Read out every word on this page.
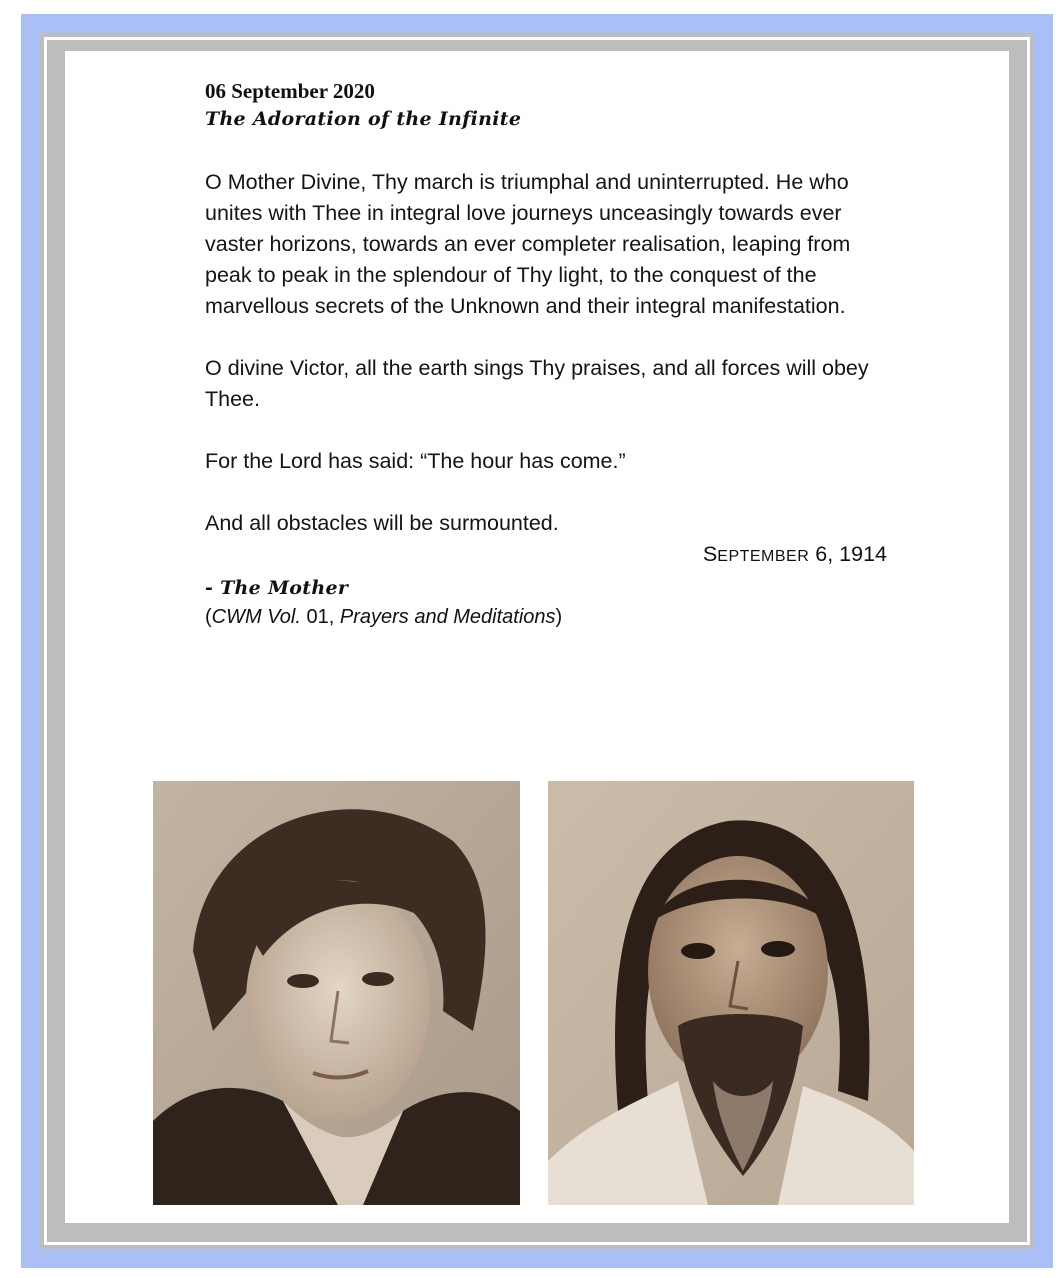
06 September 2020

The Adoration of the Infinite

O Mother Divine, Thy march is triumphal and uninterrupted. He who unites with Thee in integral love journeys unceasingly towards ever vaster horizons, towards an ever completer realisation, leaping from peak to peak in the splendour of Thy light, to the conquest of the marvellous secrets of the Unknown and their integral manifestation.

O divine Victor, all the earth sings Thy praises, and all forces will obey Thee.

For the Lord has said: “The hour has come.”

And all obstacles will be surmounted.

SEPTEMBER 6, 1914

- The Mother

(CWM Vol. 01, Prayers and Meditations)
